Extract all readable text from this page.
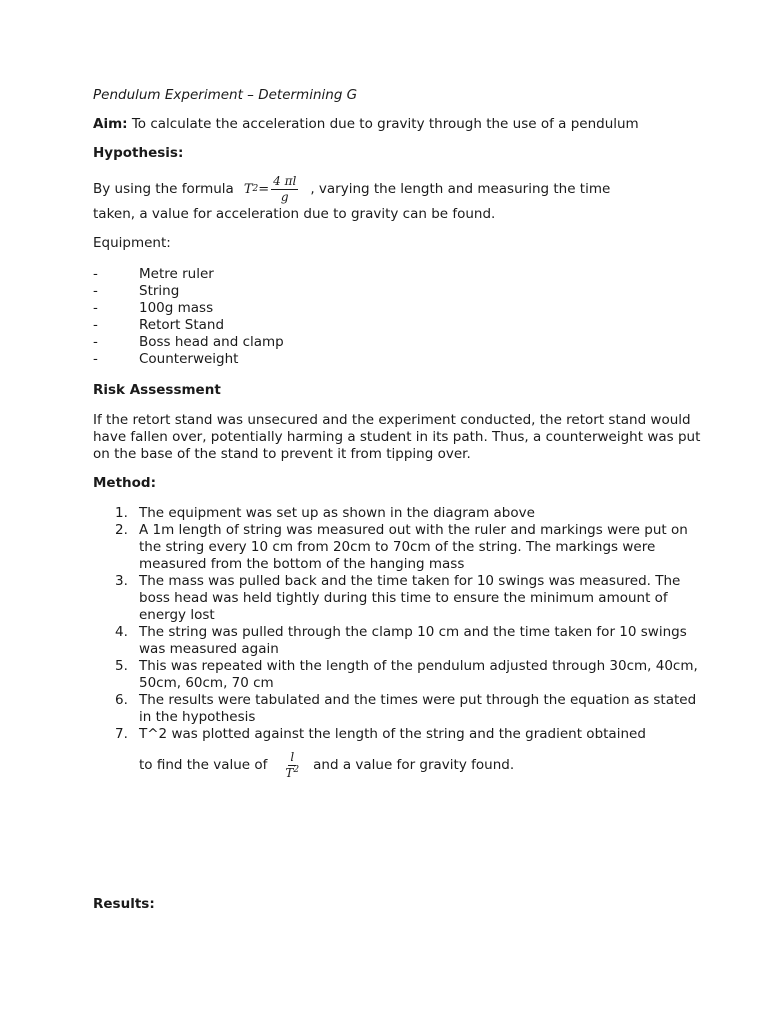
Pendulum Experiment – Determining G

Aim: To calculate the acceleration due to gravity through the use of a pendulum
Hypothesis:
By using the formula T $2 = \frac{4 \pi l}{g}$ , varying the length and measuring the time
taken, a value for acceleration due to gravity can be found.
Equipment:
-	Metre ruler
-	String
-	100g mass
-	Retort Stand
-	Boss head and clamp
-	Counterweight
Risk Assessment
If the retort stand was unsecured and the experiment conducted, the retort stand would have fallen over, potentially harming a student in its path. Thus, a counterweight was put on the base of the stand to prevent it from tipping over.
Method:
1. The equipment was set up as shown in the diagram above
2. A 1m length of string was measured out with the ruler and markings were put on the string every 10 cm from 20cm to 70cm of the string. The markings were measured from the bottom of the hanging mass
3. The mass was pulled back and the time taken for 10 swings was measured. The boss head was held tightly during this time to ensure the minimum amount of energy lost
4. The string was pulled through the clamp 10 cm and the time taken for 10 swings was measured again
5. This was repeated with the length of the pendulum adjusted through 30cm, 40cm, 50cm, 60cm, 70 cm
6. The results were tabulated and the times were put through the equation as stated in the hypothesis
7. T^2 was plotted against the length of the string and the gradient obtained
to find the value of $\frac{l}{T^2}$ and a value for gravity found.
Results:
